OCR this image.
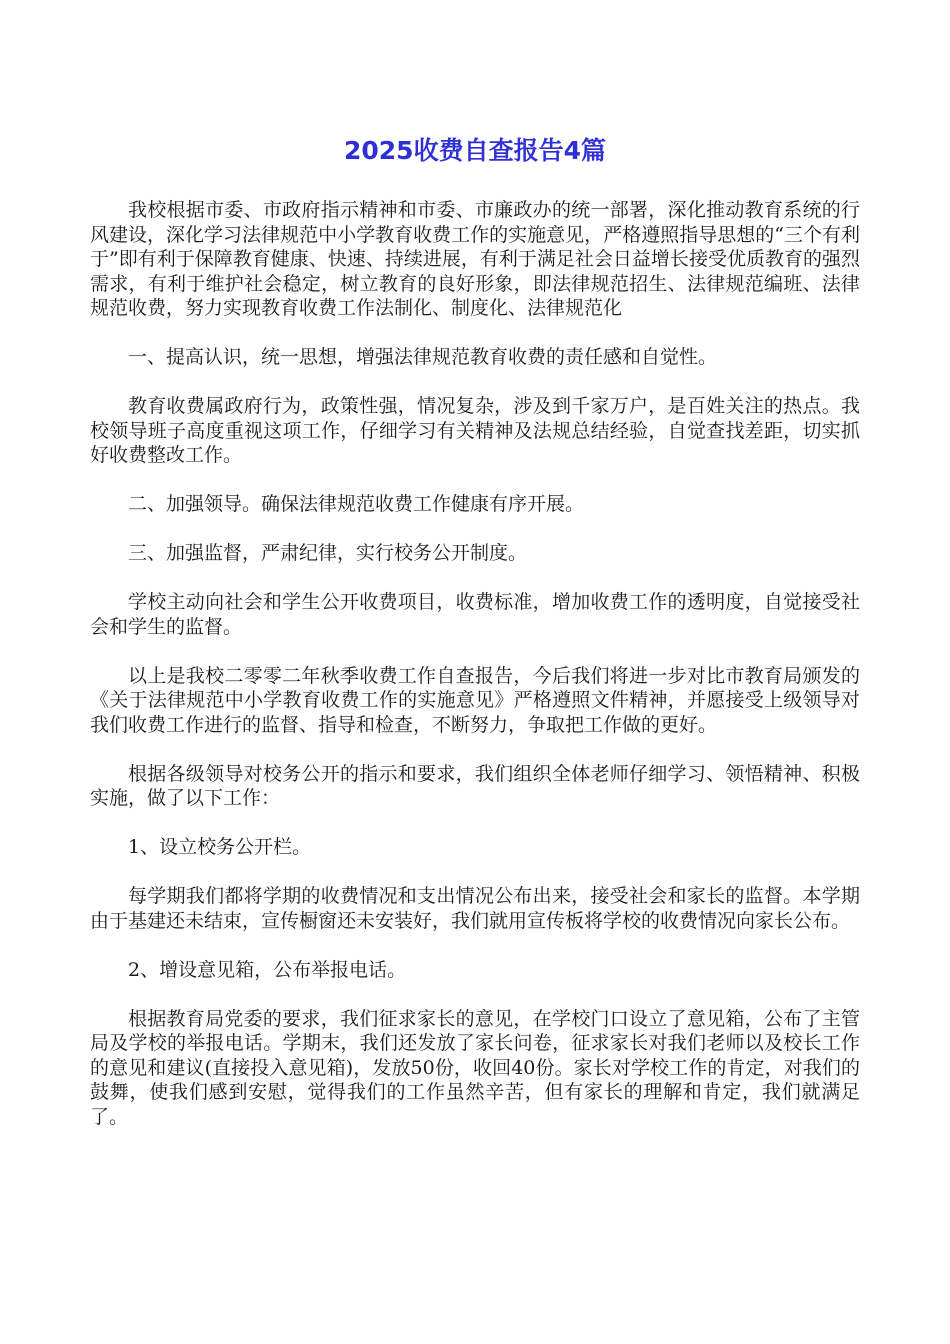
2025收费自查报告4篇

我校根据市委、市政府指示精神和市委、市廉政办的统一部署，深化推动教育系统的行风建设，深化学习法律规范中小学教育收费工作的实施意见，严格遵照指导思想的“三个有利于”即有利于保障教育健康、快速、持续进展，有利于满足社会日益增长接受优质教育的强烈需求，有利于维护社会稳定，树立教育的良好形象，即法律规范招生、法律规范编班、法律规范收费，努力实现教育收费工作法制化、制度化、法律规范化

一、提高认识，统一思想，增强法律规范教育收费的责任感和自觉性。

教育收费属政府行为，政策性强，情况复杂，涉及到千家万户，是百姓关注的热点。我校领导班子高度重视这项工作，仔细学习有关精神及法规总结经验，自觉查找差距，切实抓好收费整改工作。

二、加强领导。确保法律规范收费工作健康有序开展。

三、加强监督，严肃纪律，实行校务公开制度。

学校主动向社会和学生公开收费项目，收费标准，增加收费工作的透明度，自觉接受社会和学生的监督。

以上是我校二零零二年秋季收费工作自查报告，今后我们将进一步对比市教育局颁发的《关于法律规范中小学教育收费工作的实施意见》严格遵照文件精神，并愿接受上级领导对我们收费工作进行的监督、指导和检查，不断努力，争取把工作做的更好。

根据各级领导对校务公开的指示和要求，我们组织全体老师仔细学习、领悟精神、积极实施，做了以下工作：

1、设立校务公开栏。

每学期我们都将学期的收费情况和支出情况公布出来，接受社会和家长的监督。本学期由于基建还未结束，宣传橱窗还未安装好，我们就用宣传板将学校的收费情况向家长公布。

2、增设意见箱，公布举报电话。

根据教育局党委的要求，我们征求家长的意见，在学校门口设立了意见箱，公布了主管局及学校的举报电话。学期末，我们还发放了家长问卷，征求家长对我们老师以及校长工作的意见和建议(直接投入意见箱)，发放50份，收回40份。家长对学校工作的肯定，对我们的鼓舞，使我们感到安慰，觉得我们的工作虽然辛苦，但有家长的理解和肯定，我们就满足了。
